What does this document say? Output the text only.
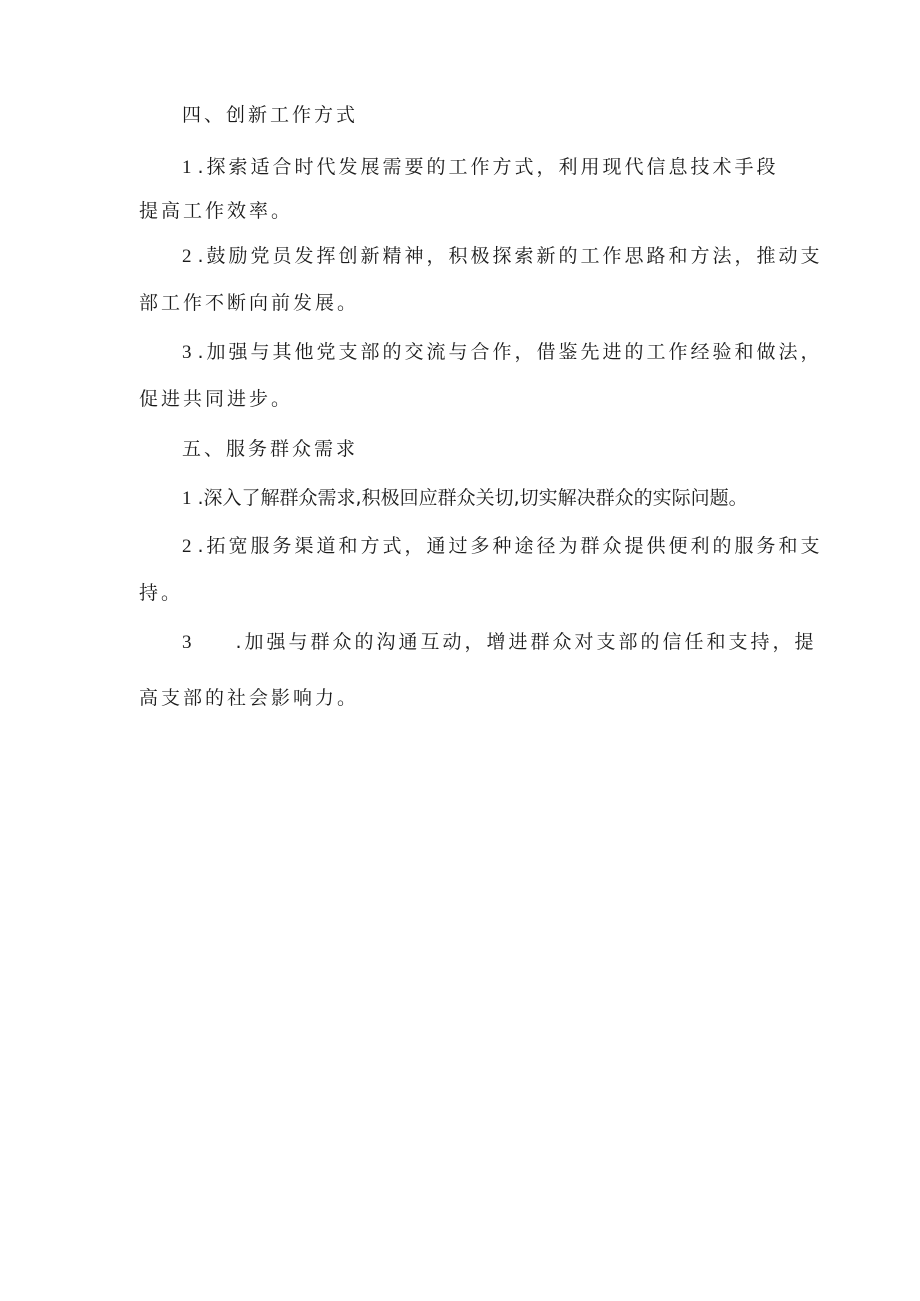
四、创新工作方式
1 .探索适合时代发展需要的工作方式，利用现代信息技术手段
提高工作效率。
2 .鼓励党员发挥创新精神，积极探索新的工作思路和方法，推动支
部工作不断向前发展。
3 .加强与其他党支部的交流与合作，借鉴先进的工作经验和做法，
促进共同进步。
五、服务群众需求
1 .深入了解群众需求,积极回应群众关切,切实解决群众的实际问题。
2 .拓宽服务渠道和方式，通过多种途径为群众提供便利的服务和支
持。
3 .加强与群众的沟通互动，增进群众对支部的信任和支持，提
高支部的社会影响力。
